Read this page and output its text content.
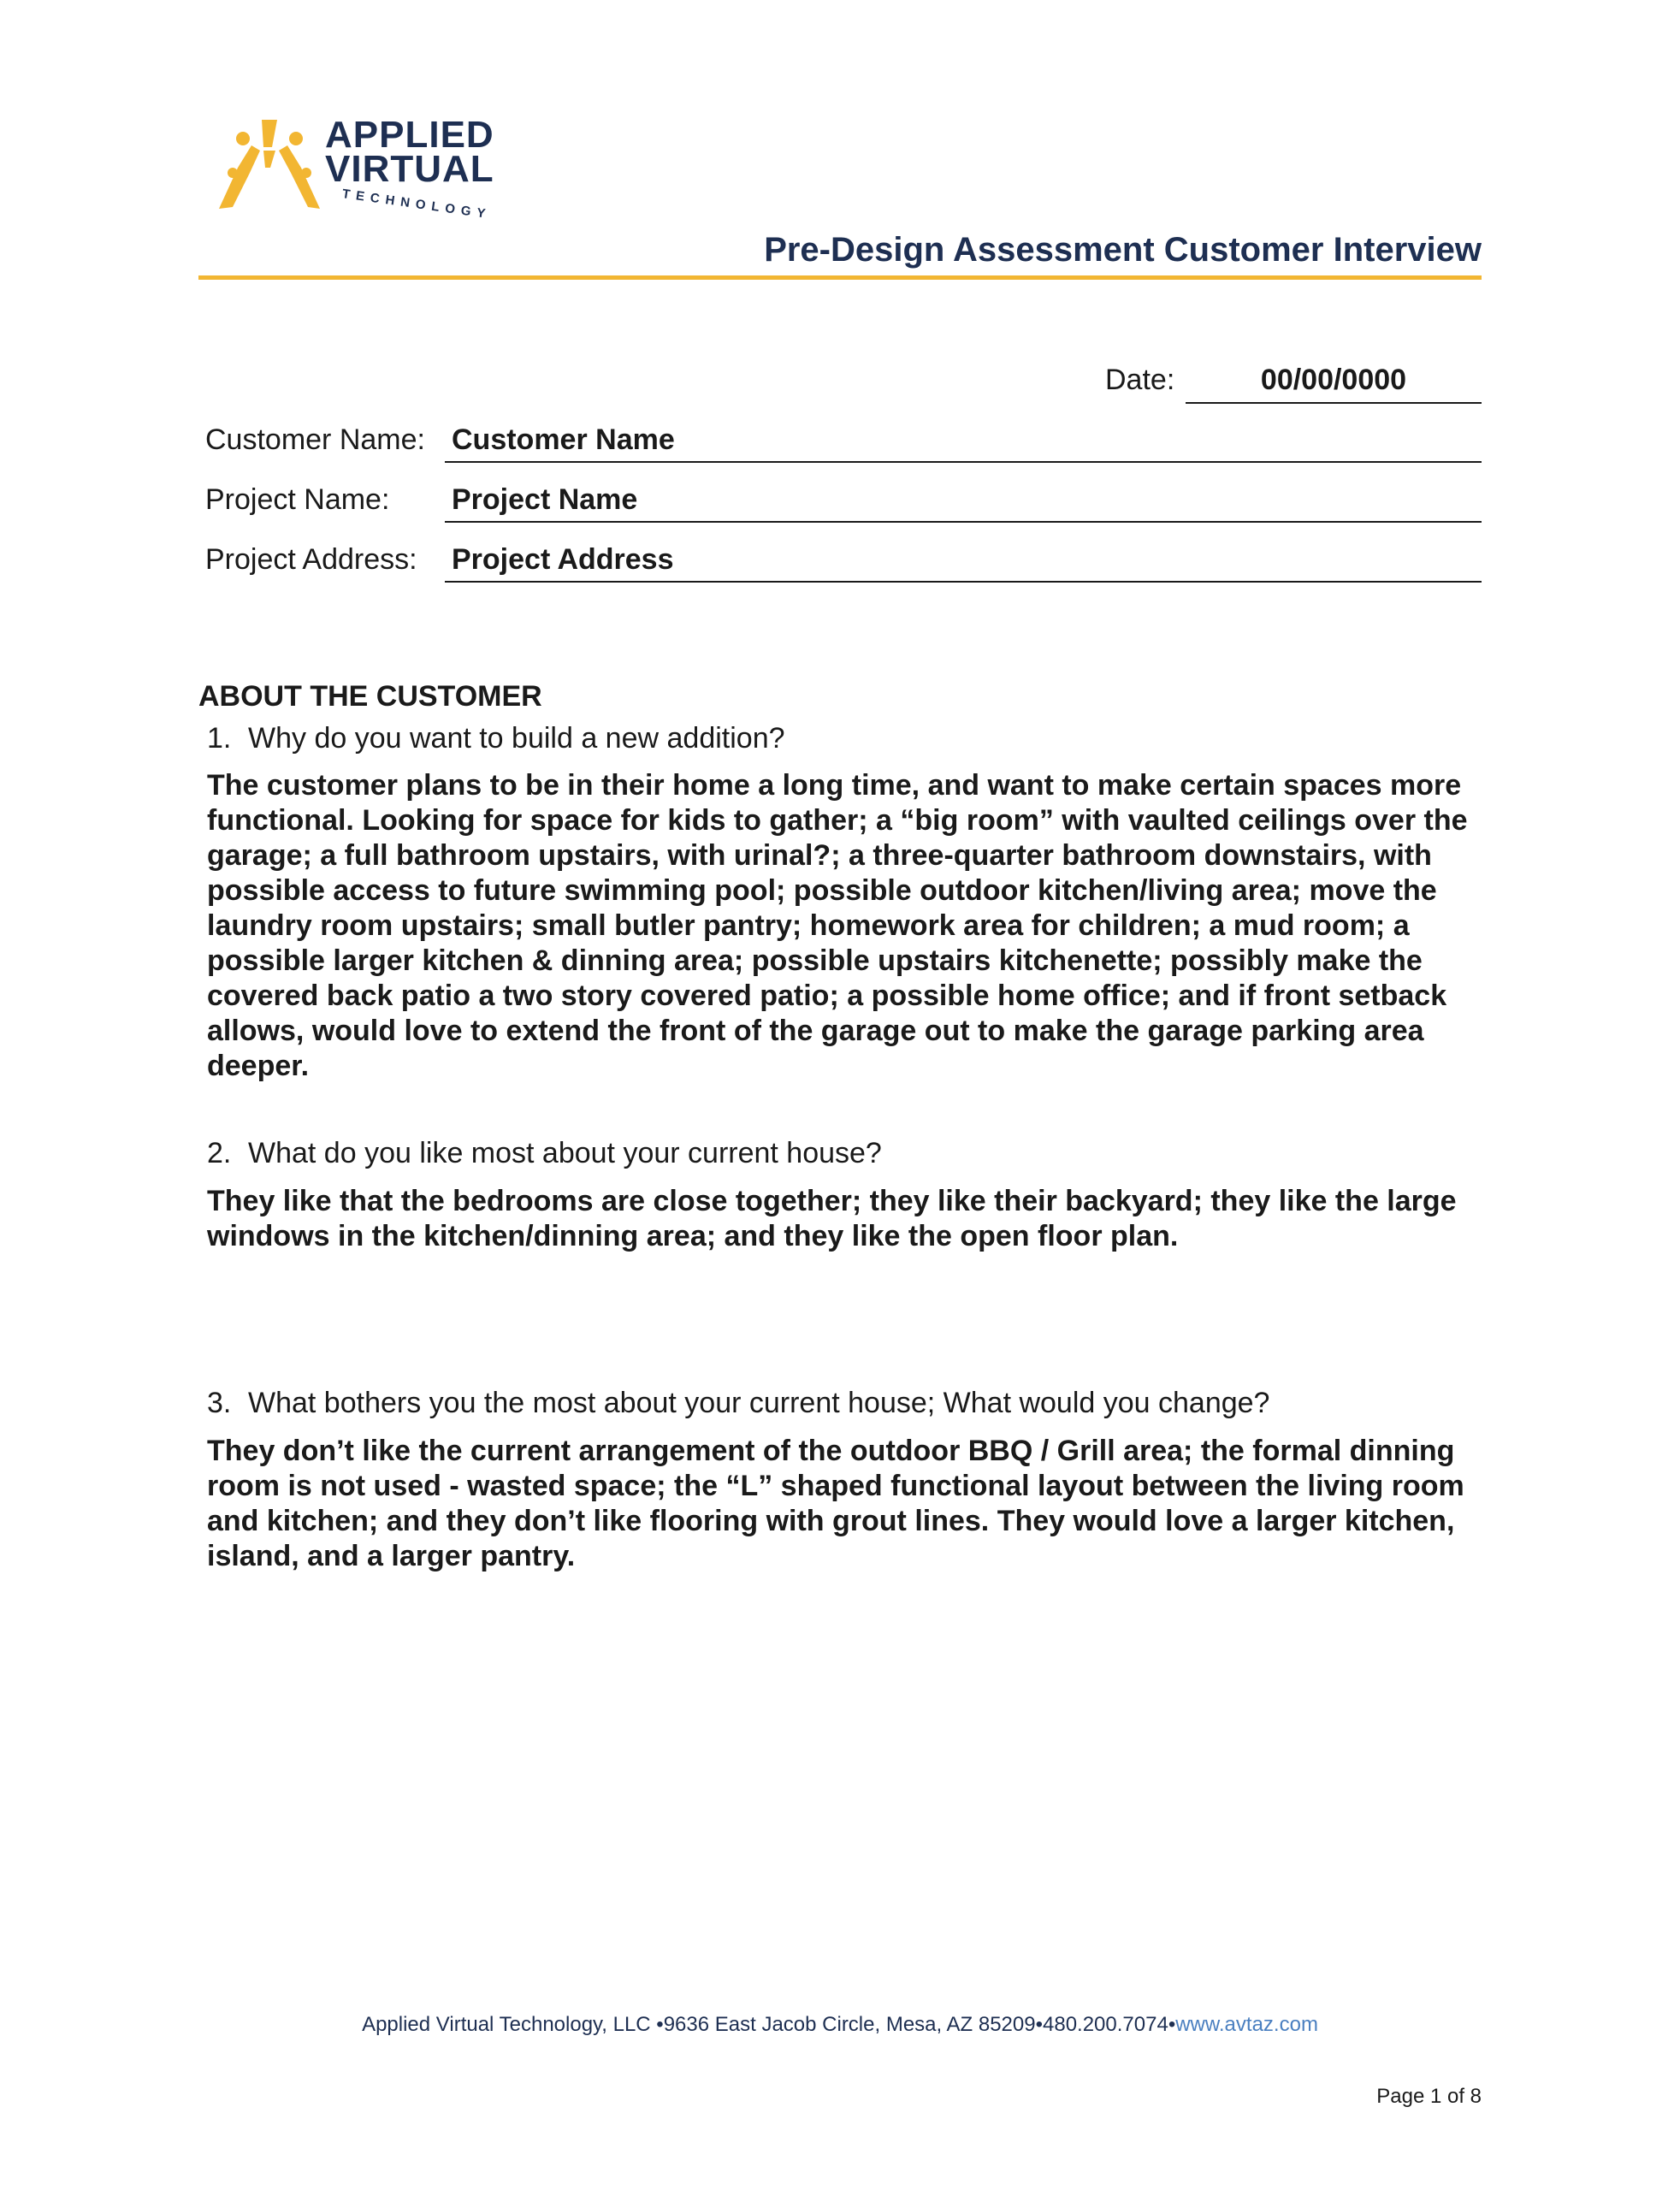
APPLIED
VIRTUAL
TECHNOLOGY
Pre-Design Assessment Customer Interview
Date:	00/00/0000
Customer Name: Customer Name
Project Name: Project Name
Project Address: Project Address
ABOUT THE CUSTOMER
1. Why do you want to build a new addition?
The customer plans to be in their home a long time, and want to make certain spaces more functional. Looking for space for kids to gather; a “big room” with vaulted ceilings over the garage; a full bathroom upstairs, with urinal?; a three-quarter bathroom downstairs, with possible access to future swimming pool; possible outdoor kitchen/living area; move the laundry room upstairs; small butler pantry; homework area for children; a mud room; a possible larger kitchen & dinning area; possible upstairs kitchenette; possibly make the covered back patio a two story covered patio; a possible home office; and if front setback allows, would love to extend the front of the garage out to make the garage parking area deeper.
2. What do you like most about your current house?
They like that the bedrooms are close together; they like their backyard; they like the large windows in the kitchen/dinning area; and they like the open floor plan.
3. What bothers you the most about your current house; What would you change?
They don’t like the current arrangement of the outdoor BBQ / Grill area; the formal dinning room is not used - wasted space; the “L” shaped functional layout between the living room and kitchen; and they don’t like flooring with grout lines. They would love a larger kitchen, island, and a larger pantry.
Applied Virtual Technology, LLC •9636 East Jacob Circle, Mesa, AZ 85209•480.200.7074•www.avtaz.com
Page 1 of 8
